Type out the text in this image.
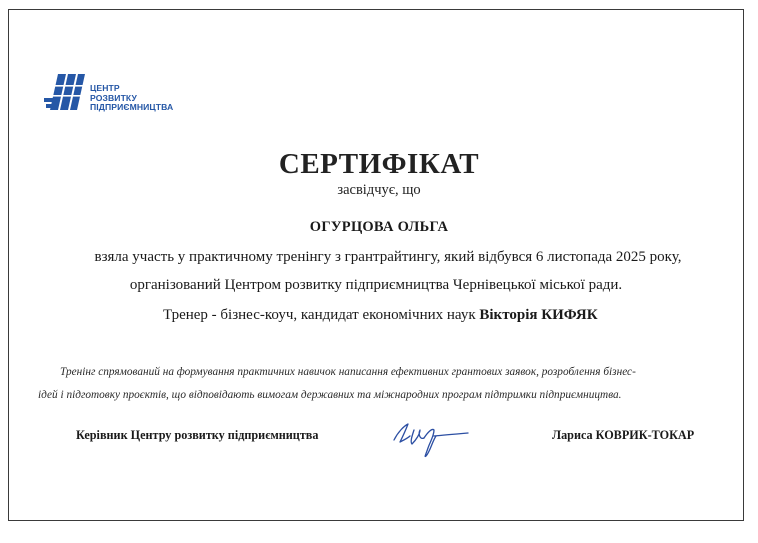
ЦЕНТР
РОЗВИТКУ
ПІДПРИЄМНИЦТВА
СЕРТИФІКАТ
засвідчує, що
ОГУРЦОВА ОЛЬГА
взяла участь у практичному тренінгу з грантрайтингу, який відбувся 6 листопада 2025 року,
організований Центром розвитку підприємництва Чернівецької міської ради.
Тренер - бізнес-коуч, кандидат економічних наук Вікторія КИФЯК
Тренінг спрямований на формування практичних навичок написання ефективних грантових заявок, розроблення бізнес-
ідей і підготовку проєктів, що відповідають вимогам державних та міжнародних програм підтримки підприємництва.
Керівник Центру розвитку підприємництва	Лариса КОВРИК-ТОКАР
